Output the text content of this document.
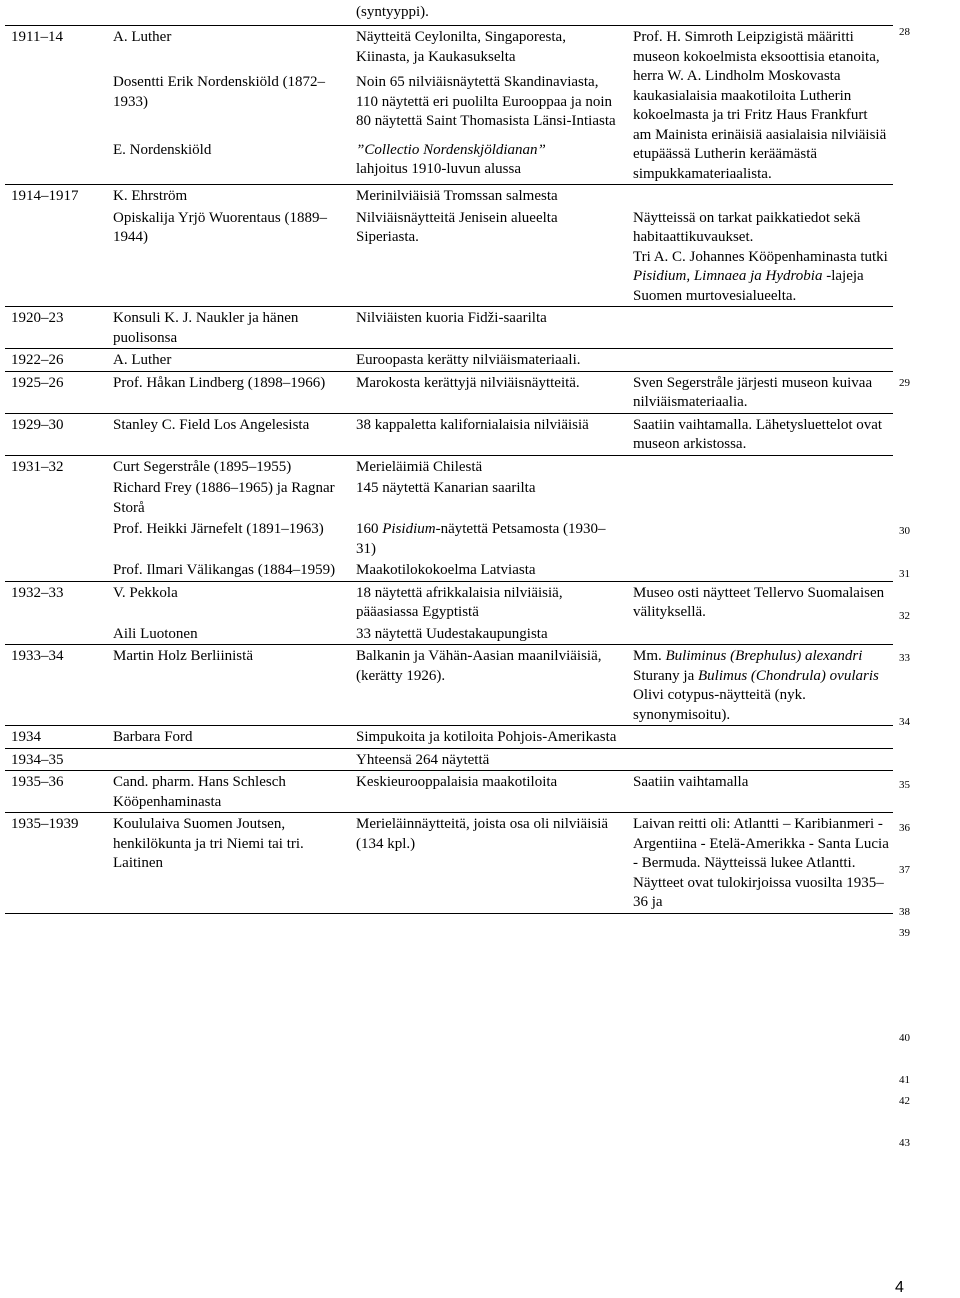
(syntyyppi).
1911–14	A. Luther	Näytteitä Ceylonilta, Singaporesta, Kiinasta, ja Kaukasukselta	Prof. H. Simroth Leipzigistä määritti museon kokoelmista eksoottisia etanoita, herra W. A. Lindholm Moskovasta kaukasialaisia maakotiloita Lutherin kokoelmasta ja tri Fritz Haus Frankfurt am Mainista erinäisiä aasialaisia nilviäisiä etupäässä Lutherin keräämästä simpukkamateriaalista.
	Dosentti Erik Nordenskiöld (1872–1933)	Noin 65 nilviäisnäytettä Skandinaviasta, 110 näytettä eri puolilta Eurooppaa ja noin 80 näytettä Saint Thomasista Länsi-Intiasta	
	E. Nordenskiöld	”Collectio Nordenskjöldianan”
lahjoitus 1910-luvun alussa	
1914–1917	K. Ehrström	Merinilviäisiä Tromssan salmesta	
	Opiskalija Yrjö Wuorentaus (1889–1944)	Nilviäisnäytteitä Jenisein alueelta Siperiasta.	Näytteissä on tarkat paikkatiedot sekä habitaattikuvaukset.
Tri A. C. Johannes Kööpenhaminasta tutki Pisidium, Limnaea ja Hydrobia -lajeja Suomen murtovesialueelta.
1920–23	Konsuli K. J. Naukler ja hänen puolisonsa	Nilviäisten kuoria Fidži-saarilta	
1922–26	A. Luther	Euroopasta kerätty nilviäismateriaali.	
1925–26	Prof. Håkan Lindberg (1898–1966)	Marokosta kerättyjä nilviäisnäytteitä.	Sven Segerstråle järjesti museon kuivaa nilviäismateriaalia.
1929–30	Stanley C. Field Los Angelesista	38 kappaletta kalifornialaisia nilviäisiä	Saatiin vaihtamalla. Lähetysluettelot ovat museon arkistossa.
1931–32	Curt Segerstråle (1895–1955)	Merieläimiä Chilestä	
	Richard Frey (1886–1965) ja Ragnar Storå	145 näytettä Kanarian saarilta	
	Prof. Heikki Järnefelt (1891–1963)	160 Pisidium-näytettä Petsamosta (1930–31)	
	Prof. Ilmari Välikangas (1884–1959)	Maakotilokokoelma Latviasta	
1932–33	V. Pekkola	18 näytettä afrikkalaisia nilviäisiä, pääasiassa Egyptistä	Museo osti näytteet Tellervo Suomalaisen välityksellä.
	Aili Luotonen	33 näytettä Uudestakaupungista	
1933–34	Martin Holz Berliinistä	Balkanin ja Vähän-Aasian maanilviäisiä, (kerätty 1926).	Mm. Buliminus (Brephulus) alexandri Sturany ja Bulimus (Chondrula) ovularis Olivi cotypus-näytteitä (nyk. synonymisoitu).
1934	Barbara Ford	Simpukoita ja kotiloita Pohjois-Amerikasta	
1934–35		Yhteensä 264 näytettä	
1935–36	Cand. pharm. Hans Schlesch Kööpenhaminasta	Keskieurooppalaisia maakotiloita	Saatiin vaihtamalla
1935–1939	Koululaiva Suomen Joutsen, henkilökunta ja tri Niemi tai tri. Laitinen	Merieläinnäytteitä, joista osa oli nilviäisiä (134 kpl.)	Laivan reitti oli: Atlantti – Karibianmeri - Argentiina - Etelä-Amerikka - Santa Lucia - Bermuda. Näytteissä lukee Atlantti. Näytteet ovat tulokirjoissa vuosilta 1935–36 ja
28
29
30
31
32
33
34
35
36
37
38
39
40
41
42
43
4
